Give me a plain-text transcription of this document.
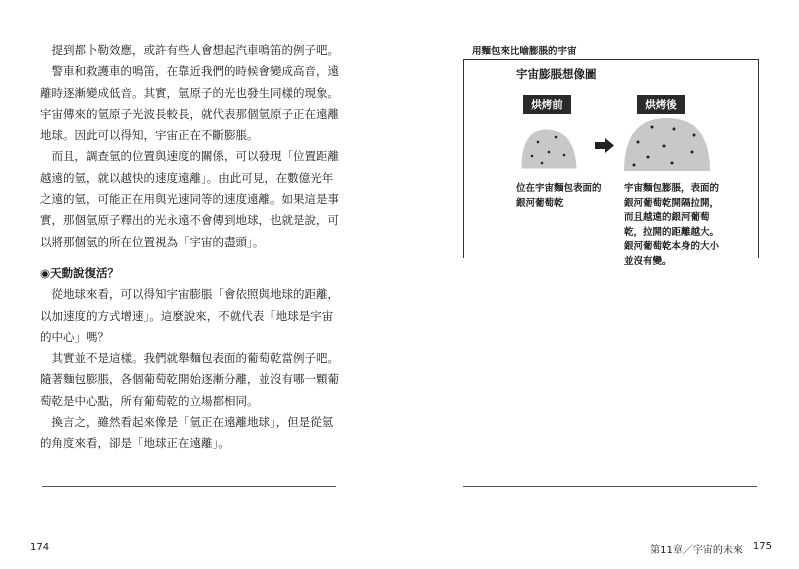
提到都卜勒效應，或許有些人會想起汽車鳴笛的例子吧。

警車和救護車的鳴笛，在靠近我們的時候會變成高音，遠離時逐漸變成低音。其實，氫原子的光也發生同樣的現象。宇宙傳來的氫原子光波長較長，就代表那個氫原子正在遠離地球。因此可以得知，宇宙正在不斷膨脹。

而且，調查氫的位置與速度的關係，可以發現「位置距離越遠的氫，就以越快的速度遠離」。由此可見，在數億光年之遠的氫，可能正在用與光速同等的速度遠離。如果這是事實，那個氫原子釋出的光永遠不會傳到地球，也就是說，可以將那個氫的所在位置視為「宇宙的盡頭」。

◉天動說復活？

從地球來看，可以得知宇宙膨脹「會依照與地球的距離，以加速度的方式增速」。這麼說來，不就代表「地球是宇宙的中心」嗎？

其實並不是這樣。我們就舉麵包表面的葡萄乾當例子吧。隨著麵包膨脹，各個葡萄乾開始逐漸分離，並沒有哪一顆葡萄乾是中心點，所有葡萄乾的立場都相同。

換言之，雖然看起來像是「氫正在遠離地球」，但是從氫的角度來看，卻是「地球正在遠離」。

174
用麵包來比喻膨脹的宇宙
宇宙膨脹想像圖
烘烤前	烘烤後
位在宇宙麵包表面的銀河葡萄乾
宇宙麵包膨脹，表面的銀河葡萄乾開隔拉開，而且越遠的銀河葡萄乾，拉開的距離越大。銀河葡萄乾本身的大小並沒有變。
第11章／宇宙的未來 175
